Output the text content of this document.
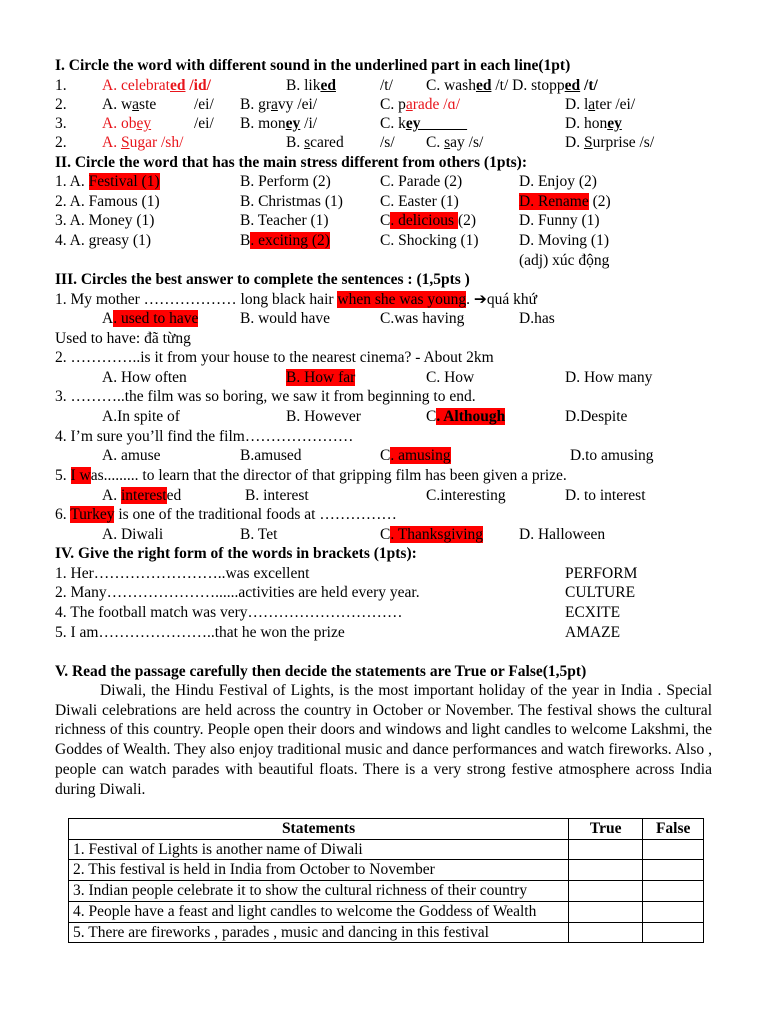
I. Circle the word with different sound in the underlined part in each line(1pt)
1. A. celebrated /id/	B. liked	/t/ C. washed /t/ D. stopped /t/
2. A. waste /ei/ B. gravy /ei/	C. parade /ɑ/	D. later /ei/
3. A. obey	/ei/ B. money /i/	C. key______	D. honey
2. A. Sugar /sh/	B. scared /s/ C. say /s/	D. Surprise /s/
II. Circle the word that has the main stress different from others (1pts):
1. A. Festival (1)	B. Perform (2)	C. Parade (2)	D. Enjoy (2)
2. A. Famous (1)	B. Christmas (1) C. Easter (1)	D. Rename (2)
3. A. Money (1)	B. Teacher (1)	C. delicious (2)	D. Funny (1)
4. A. greasy (1)	B. exciting (2)	C. Shocking (1)	D. Moving (1)
(adj) xúc động
III. Circles the best answer to complete the sentences : (1,5pts )
1. My mother ……………… long black hair when she was young. ➔quá khứ
A. used to have	B. would have	C.was having	D.has
Used to have: đã từng
2. …………..is it from your house to the nearest cinema? - About 2km
A. How often	B. How far	C. How	D. How many
3. ………..the film was so boring, we saw it from beginning to end.
A.In spite of	B. However	C. Although	D.Despite
4. I’m sure you’ll find the film…………………
A. amuse	B.amused	C. amusing	D.to amusing
5. I was......... to learn that the director of that gripping film has been given a prize.
A. interested	B. interest	C.interesting	D. to interest
6. Turkey is one of the traditional foods at ……………
A. Diwali	B. Tet	C. Thanksgiving D. Halloween
IV. Give the right form of the words in brackets (1pts):
1. Her……………………..was excellent	PERFORM
2. Many…………………......activities are held every year.	CULTURE
4. The football match was very…………………………	ECXITE
5. I am…………………..that he won the prize	AMAZE
V. Read the passage carefully then decide the statements are True or False(1,5pt)

Diwali, the Hindu Festival of Lights, is the most important holiday of the year in India . Special Diwali celebrations are held across the country in October or November. The festival shows the cultural richness of this country. People open their doors and windows and light candles to welcome Lakshmi, the Goddes of Wealth. They also enjoy traditional music and dance performances and watch fireworks. Also , people can watch parades with beautiful floats. There is a very strong festive atmosphere across India during Diwali.

Statements	True	False
1. Festival of Lights is another name of Diwali		
2. This festival is held in India from October to November		
3. Indian people celebrate it to show the cultural richness of their country		
4. People have a feast and light candles to welcome the Goddess of Wealth		
5. There are fireworks , parades , music and dancing in this festival		
